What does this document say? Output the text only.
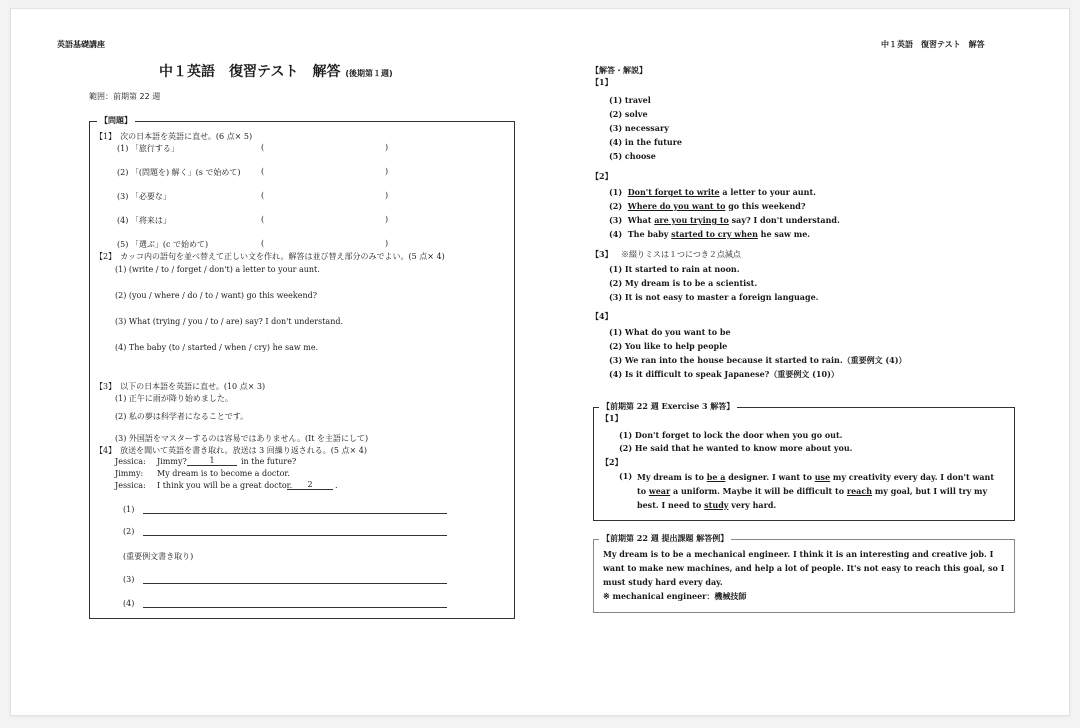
英語基礎講座	中１英語　復習テスト　解答
中１英語　復習テスト　解答 (後期第１週)
範囲：前期第 22 週
【問題】
【1】　次の日本語を英語に直せ。(6 点× 5)
(1) 「旅行する」	(	)
(2) 「(問題を) 解く」(s で始めて)	(	)
(3) 「必要な」	(	)
(4) 「将来は」	(	)
(5) 「選ぶ」(c で始めて)	(	)
【2】　カッコ内の語句を並べ替えて正しい文を作れ。解答は並び替え部分のみでよい。(5 点× 4)
(1) (write / to / forget / don't) a letter to your aunt.
(2) (you / where / do / to / want) go this weekend?
(3) What (trying / you / to / are) say? I don't understand.
(4) The baby (to / started / when / cry) he saw me.
【3】　以下の日本語を英語に直せ。(10 点× 3)
(1) 正午に雨が降り始めました。
(2) 私の夢は科学者になることです。
(3) 外国語をマスターするのは容易ではありません。(It を主語にして)
【4】　放送を聞いて英語を書き取れ。放送は 3 回繰り返される。(5 点× 4)
Jessica: Jimmy?	1	in the future?
Jimmy: My dream is to become a doctor.
Jessica: I think you will be a great doctor.	2	.
(1)
(2)
(重要例文書き取り)
(3)
(4)
【解答・解説】
【1】
(1) travel
(2) solve
(3) necessary
(4) in the future
(5) choose
【2】
(1) Don't forget to write a letter to your aunt.
(2) Where do you want to go this weekend?
(3) What are you trying to say? I don't understand.
(4) The baby started to cry when he saw me.
【3】 ※綴りミスは１つにつき２点減点
(1) It started to rain at noon.
(2) My dream is to be a scientist.
(3) It is not easy to master a foreign language.
【4】
(1) What do you want to be
(2) You like to help people
(3) We ran into the house because it started to rain.（重要例文 (4)）
(4) Is it difficult to speak Japanese?（重要例文 (10)）
【前期第 22 週 Exercise 3 解答】
【1】
(1) Don't forget to lock the door when you go out.
(2) He said that he wanted to know more about you.
【2】
(1) My dream is to be a designer. I want to use my creativity every day. I don't want to wear a uniform. Maybe it will be difficult to reach my goal, but I will try my best. I need to study very hard.
【前期第 22 週 提出課題 解答例】
My dream is to be a mechanical engineer. I think it is an interesting and creative job. I want to make new machines, and help a lot of people. It's not easy to reach this goal, so I must study hard every day.
※ mechanical engineer：機械技師
